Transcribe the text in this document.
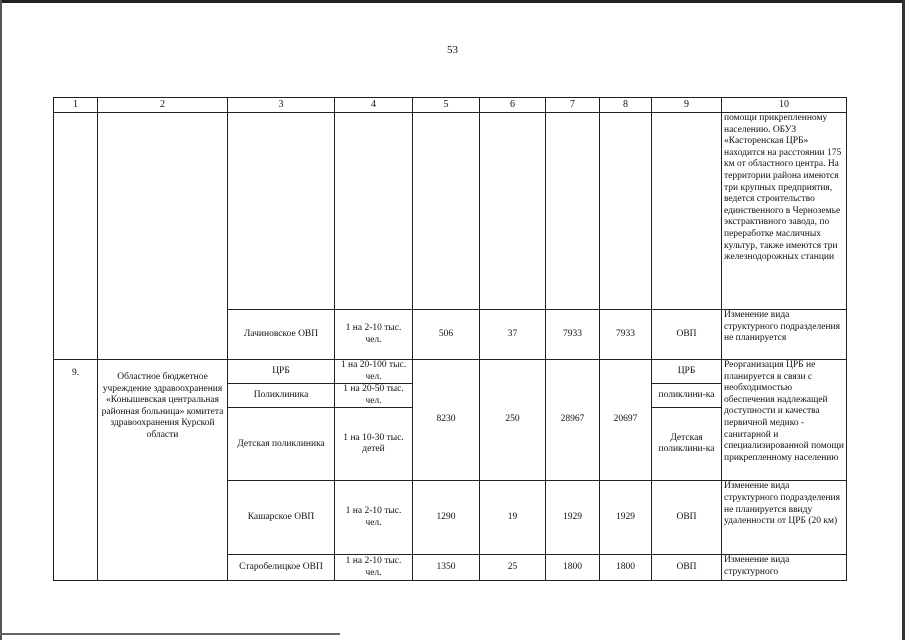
53
1	2	3	4	5	6	7	8	9	10
									помощи прикрепленному населению. ОБУЗ «Касторенская ЦРБ» находится на расстоянии 175 км от областного центра. На территории района имеются три крупных предприятия, ведется строительство единственного в Черноземье экстрактивного завода, по переработке масличных культур, также имеются три железнодорожных станции
		Лачиновское ОВП	1 на 2-10 тыс. чел.	506	37	7933	7933	ОВП	Изменение вида структурного подразделения не планируется
9.	Областное бюджетное учреждение здравоохранения «Конышевская центральная районная больница» комитета здравоохранения Курской области	ЦРБ	1 на 20-100 тыс. чел.	8230	250	28967	20697	ЦРБ	Реорганизация ЦРБ не планируется в связи с необходимостью обеспечения надлежащей доступности и качества первичной медико - санитарной и специализированной помощи прикрепленному населению
		Поликлиника	1 на 20-50 тыс. чел.					поликлини-ка	
		Детская поликлиника	1 на 10-30 тыс. детей					Детская поликлини-ка	
		Кашарское ОВП	1 на 2-10 тыс. чел.	1290	19	1929	1929	ОВП	Изменение вида структурного подразделения не планируется ввиду удаленности от ЦРБ (20 км)
		Старобелицкое ОВП	1 на 2-10 тыс. чел.	1350	25	1800	1800	ОВП	Изменение вида структурного
